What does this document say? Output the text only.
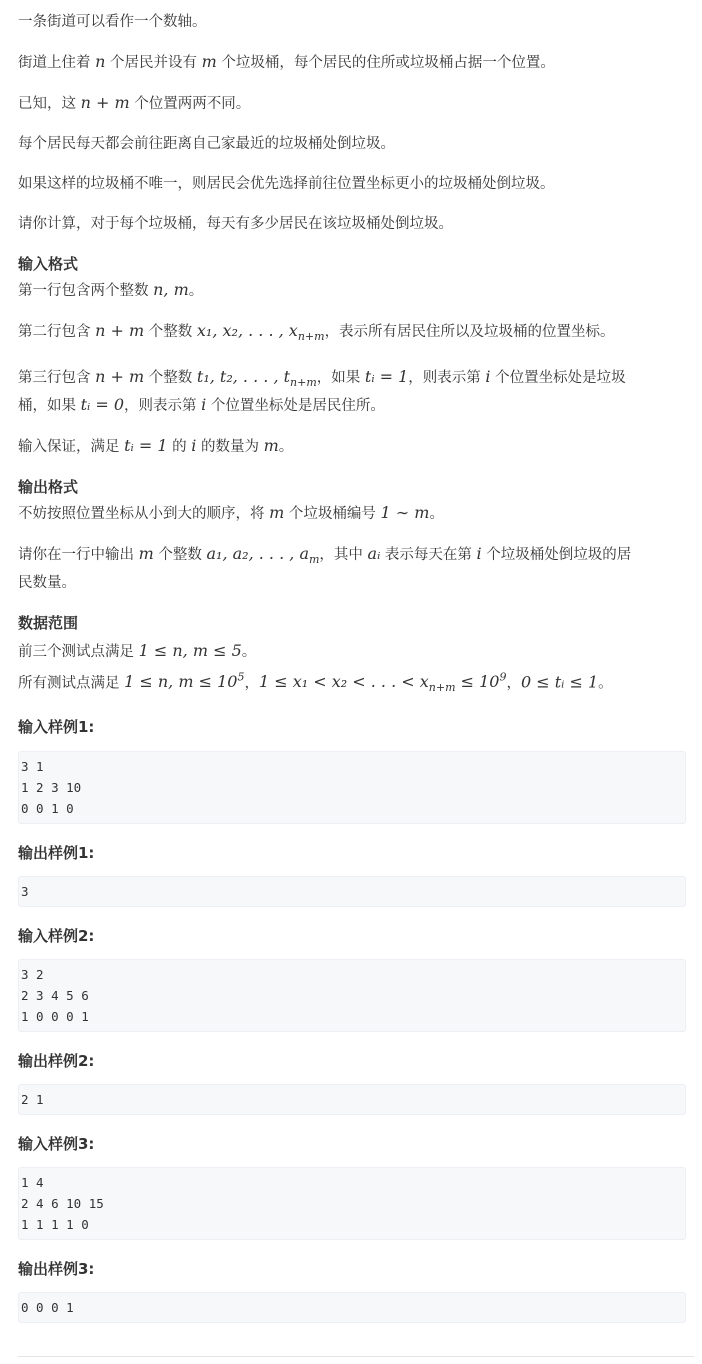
一条街道可以看作一个数轴。

街道上住着 n 个居民并设有 m 个垃圾桶，每个居民的住所或垃圾桶占据一个位置。

已知，这 n + m 个位置两两不同。

每个居民每天都会前往距离自己家最近的垃圾桶处倒垃圾。

如果这样的垃圾桶不唯一，则居民会优先选择前往位置坐标更小的垃圾桶处倒垃圾。

请你计算，对于每个垃圾桶，每天有多少居民在该垃圾桶处倒垃圾。

输入格式

第一行包含两个整数 n, m。

第二行包含 n + m 个整数 x₁, x₂, . . . , $x_{n+m}$，表示所有居民住所以及垃圾桶的位置坐标。

第三行包含 n + m 个整数 t₁, t₂, . . . , $t_{n+m}$，如果 tᵢ = 1，则表示第 i 个位置坐标处是垃圾
桶，如果 tᵢ = 0，则表示第 i 个位置坐标处是居民住所。

输入保证，满足 tᵢ = 1 的 i 的数量为 m。

输出格式

不妨按照位置坐标从小到大的顺序，将 m 个垃圾桶编号 1 ∼ m。

请你在一行中输出 m 个整数 a₁, a₂, . . . , $a_m$，其中 aᵢ 表示每天在第 i 个垃圾桶处倒垃圾的居
民数量。

数据范围

前三个测试点满足 1 ≤ n, m ≤ 5。

所有测试点满足 1 ≤ n, $m \le 10^5$，1 ≤ x₁ < x₂ < . . . < $x_{n+m} \le 10^9$，0 ≤ tᵢ ≤ 1。

输入样例1:
3 1
1 2 3 10
0 0 1 0
输出样例1:
3
输入样例2:
3 2
2 3 4 5 6
1 0 0 0 1
输出样例2:
2 1
输入样例3:
1 4
2 4 6 10 15
1 1 1 1 0
输出样例3:
0 0 0 1
